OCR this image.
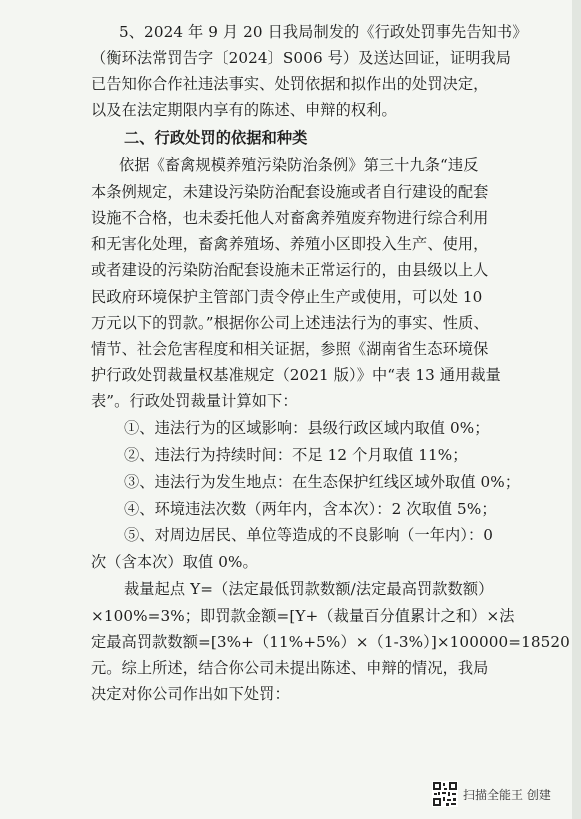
5、2024 年 9 月 20 日我局制发的《行政处罚事先告知书》
（衡环法常罚告字〔2024〕S006 号）及送达回证，证明我局
已告知你合作社违法事实、处罚依据和拟作出的处罚决定，
以及在法定期限内享有的陈述、申辩的权利。
二、行政处罚的依据和种类
依据《畜禽规模养殖污染防治条例》第三十九条“违反
本条例规定，未建设污染防治配套设施或者自行建设的配套
设施不合格，也未委托他人对畜禽养殖废弃物进行综合利用
和无害化处理，畜禽养殖场、养殖小区即投入生产、使用，
或者建设的污染防治配套设施未正常运行的，由县级以上人
民政府环境保护主管部门责令停止生产或使用，可以处 10
万元以下的罚款。”根据你公司上述违法行为的事实、性质、
情节、社会危害程度和相关证据，参照《湖南省生态环境保
护行政处罚裁量权基准规定（2021 版）》中“表 13 通用裁量
表”。行政处罚裁量计算如下：
①、违法行为的区域影响：县级行政区域内取值 0%；
②、违法行为持续时间：不足 12 个月取值 11%；
③、违法行为发生地点：在生态保护红线区域外取值 0%；
④、环境违法次数（两年内，含本次）：2 次取值 5%；
⑤、对周边居民、单位等造成的不良影响（一年内）：0
次（含本次）取值 0%。
裁量起点 Y=（法定最低罚款数额/法定最高罚款数额）
×100%=3%；即罚款金额=[Y+（裁量百分值累计之和）×法
定最高罚款数额=[3%+（11%+5%）×（1-3%）]×100000=18520
元。综上所述，结合你公司未提出陈述、申辩的情况，我局
决定对你公司作出如下处罚：
扫描全能王 创建
